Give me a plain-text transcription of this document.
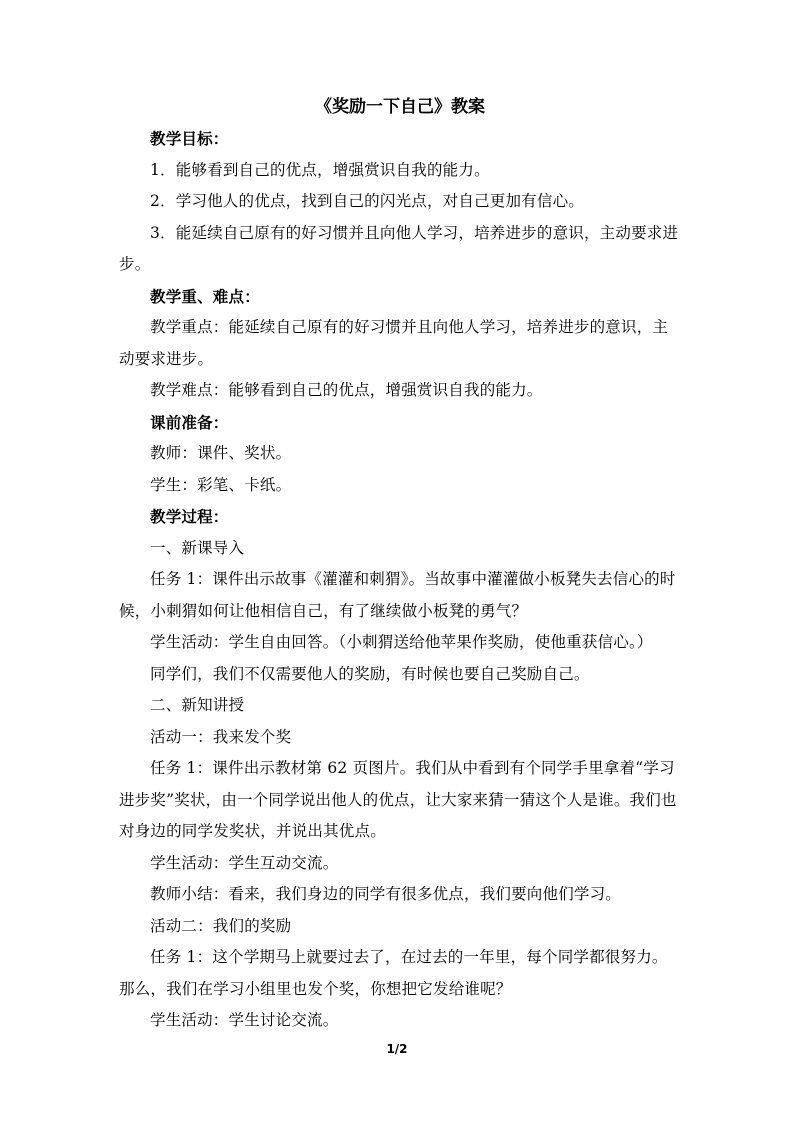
《奖励一下自己》教案

教学目标：

1．能够看到自己的优点，增强赏识自我的能力。

2．学习他人的优点，找到自己的闪光点，对自己更加有信心。

3．能延续自己原有的好习惯并且向他人学习，培养进步的意识，主动要求进步。

教学重、难点：

教学重点：能延续自己原有的好习惯并且向他人学习，培养进步的意识，主动要求进步。

教学难点：能够看到自己的优点，增强赏识自我的能力。

课前准备：

教师：课件、奖状。

学生：彩笔、卡纸。

教学过程：

一、新课导入

任务 1：课件出示故事《灌灌和刺猬》。当故事中灌灌做小板凳失去信心的时候，小刺猬如何让他相信自己，有了继续做小板凳的勇气？

学生活动：学生自由回答。（小刺猬送给他苹果作奖励，使他重获信心。）

同学们，我们不仅需要他人的奖励，有时候也要自己奖励自己。

二、新知讲授

活动一：我来发个奖

任务 1：课件出示教材第 62 页图片。我们从中看到有个同学手里拿着“学习进步奖”奖状，由一个同学说出他人的优点，让大家来猜一猜这个人是谁。我们也对身边的同学发奖状，并说出其优点。

学生活动：学生互动交流。

教师小结：看来，我们身边的同学有很多优点，我们要向他们学习。

活动二：我们的奖励

任务 1：这个学期马上就要过去了，在过去的一年里，每个同学都很努力。那么，我们在学习小组里也发个奖，你想把它发给谁呢？

学生活动：学生讨论交流。

1/2
